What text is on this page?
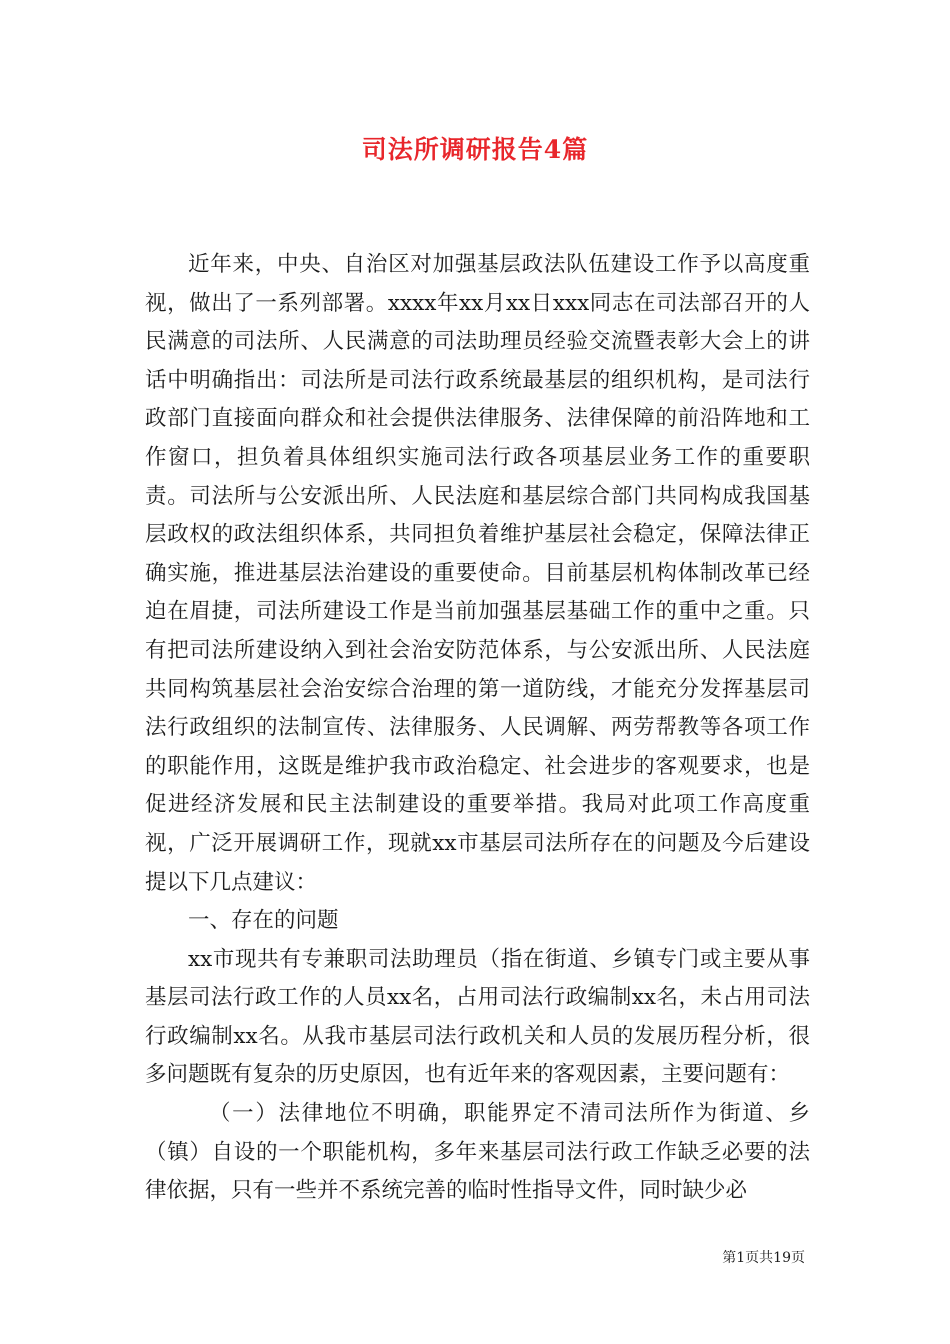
司法所调研报告4篇

近年来，中央、自治区对加强基层政法队伍建设工作予以高度重视，做出了一系列部署。xxxx年xx月xx日xxx同志在司法部召开的人民满意的司法所、人民满意的司法助理员经验交流暨表彰大会上的讲话中明确指出：司法所是司法行政系统最基层的组织机构，是司法行政部门直接面向群众和社会提供法律服务、法律保障的前沿阵地和工作窗口，担负着具体组织实施司法行政各项基层业务工作的重要职责。司法所与公安派出所、人民法庭和基层综合部门共同构成我国基层政权的政法组织体系，共同担负着维护基层社会稳定，保障法律正确实施，推进基层法治建设的重要使命。目前基层机构体制改革已经迫在眉捷，司法所建设工作是当前加强基层基础工作的重中之重。只有把司法所建设纳入到社会治安防范体系，与公安派出所、人民法庭共同构筑基层社会治安综合治理的第一道防线，才能充分发挥基层司法行政组织的法制宣传、法律服务、人民调解、两劳帮教等各项工作的职能作用，这既是维护我市政治稳定、社会进步的客观要求，也是促进经济发展和民主法制建设的重要举措。我局对此项工作高度重视，广泛开展调研工作，现就xx市基层司法所存在的问题及今后建设提以下几点建议：

一、存在的问题

xx市现共有专兼职司法助理员（指在街道、乡镇专门或主要从事基层司法行政工作的人员xx名，占用司法行政编制xx名，未占用司法行政编制xx名。从我市基层司法行政机关和人员的发展历程分析，很多问题既有复杂的历史原因，也有近年来的客观因素，主要问题有：

（一）法律地位不明确，职能界定不清司法所作为街道、乡（镇）自设的一个职能机构，多年来基层司法行政工作缺乏必要的法律依据，只有一些并不系统完善的临时性指导文件，同时缺少必

第1页共19页
